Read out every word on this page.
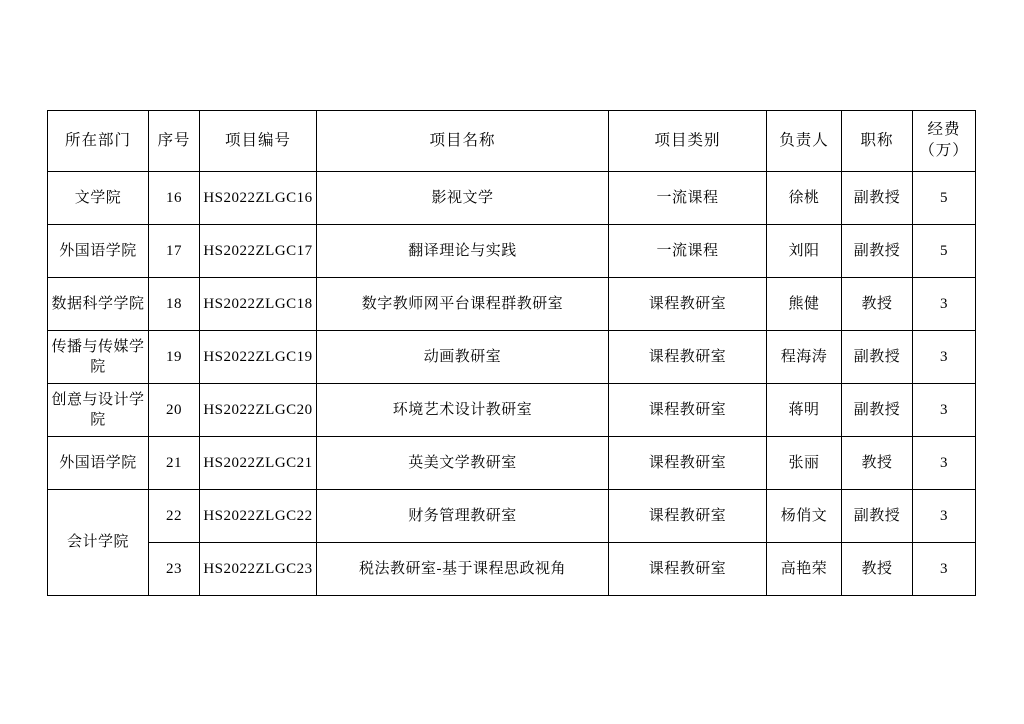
所在部门	序号	项目编号	项目名称	项目类别	负责人	职称	经费
（万）

文学院	16	HS2022ZLGC16	影视文学	一流课程	徐桃	副教授	5
外国语学院	17	HS2022ZLGC17	翻译理论与实践	一流课程	刘阳	副教授	5
数据科学学院	18	HS2022ZLGC18	数字教师网平台课程群教研室	课程教研室	熊健	教授	3
传播与传媒学院	19	HS2022ZLGC19	动画教研室	课程教研室	程海涛	副教授	3
创意与设计学院	20	HS2022ZLGC20	环境艺术设计教研室	课程教研室	蒋明	副教授	3
外国语学院	21	HS2022ZLGC21	英美文学教研室	课程教研室	张丽	教授	3
会计学院	22	HS2022ZLGC22	财务管理教研室	课程教研室	杨俏文	副教授	3
	23	HS2022ZLGC23	税法教研室-基于课程思政视角	课程教研室	高艳荣	教授	3
